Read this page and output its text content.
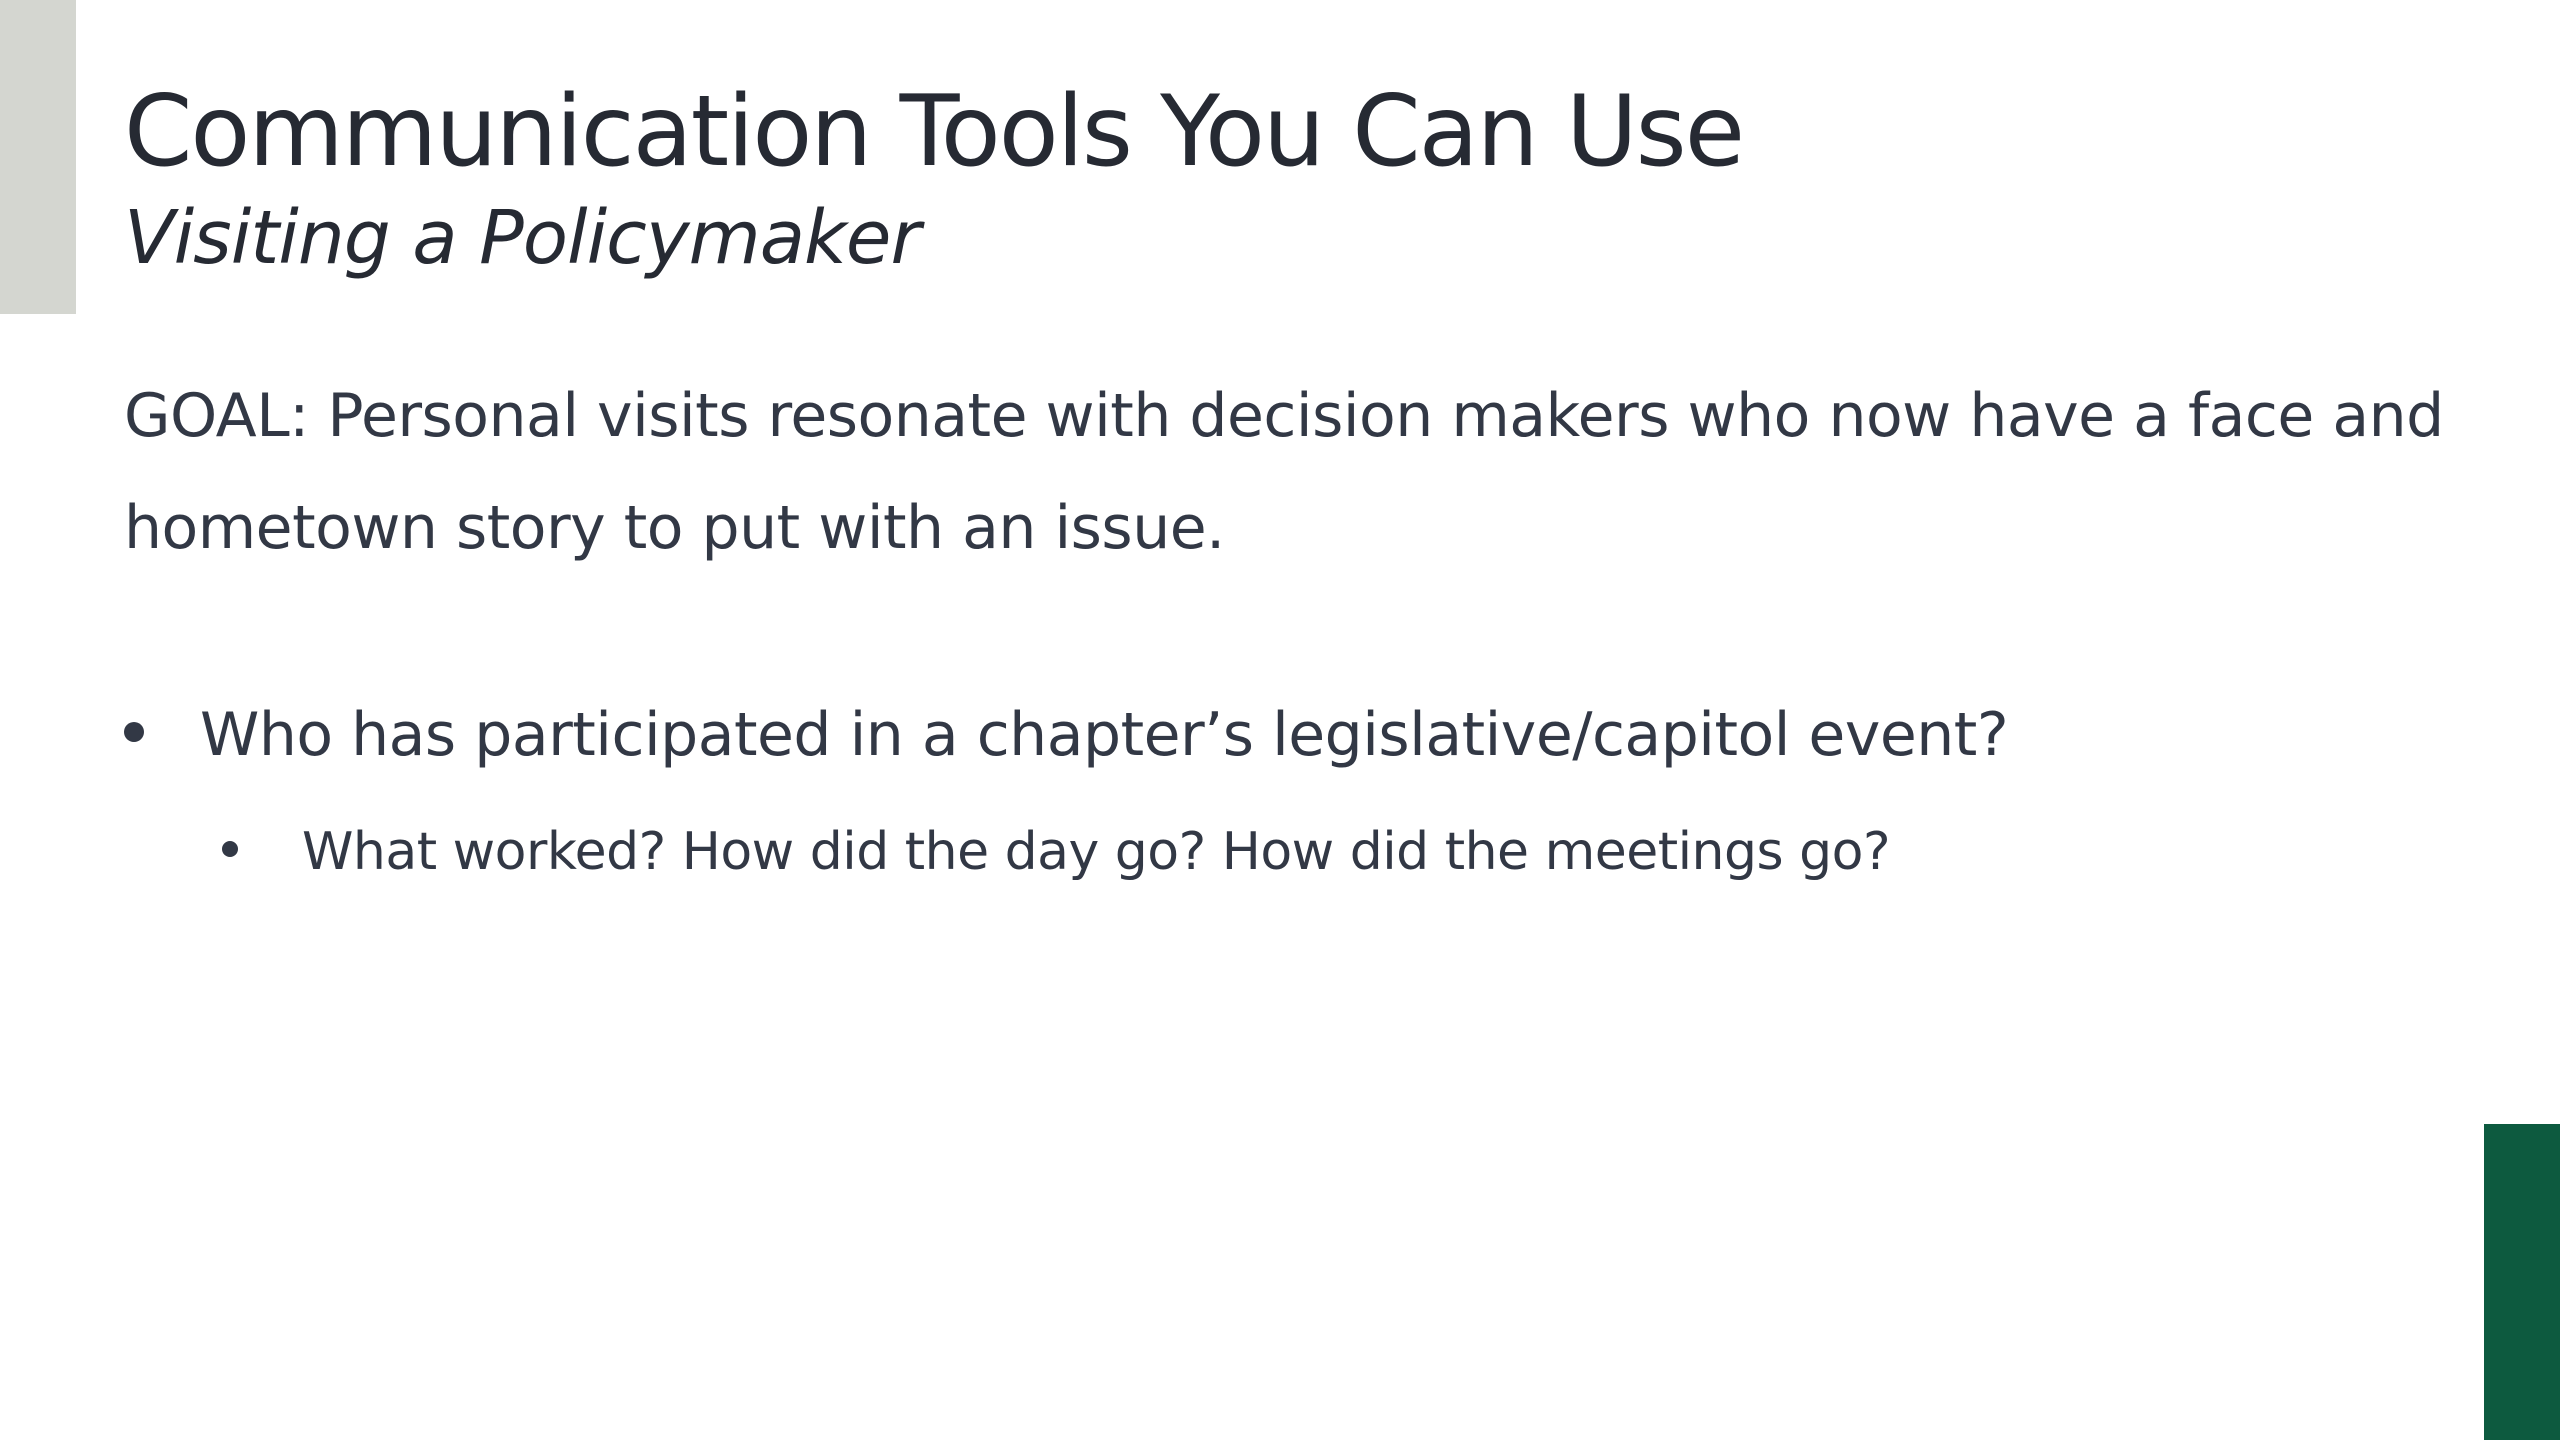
Communication Tools You Can Use
Visiting a Policymaker

GOAL: Personal visits resonate with decision makers who now have a face and hometown story to put with an issue.

Who has participated in a chapter’s legislative/capitol event?
What worked? How did the day go? How did the meetings go?
